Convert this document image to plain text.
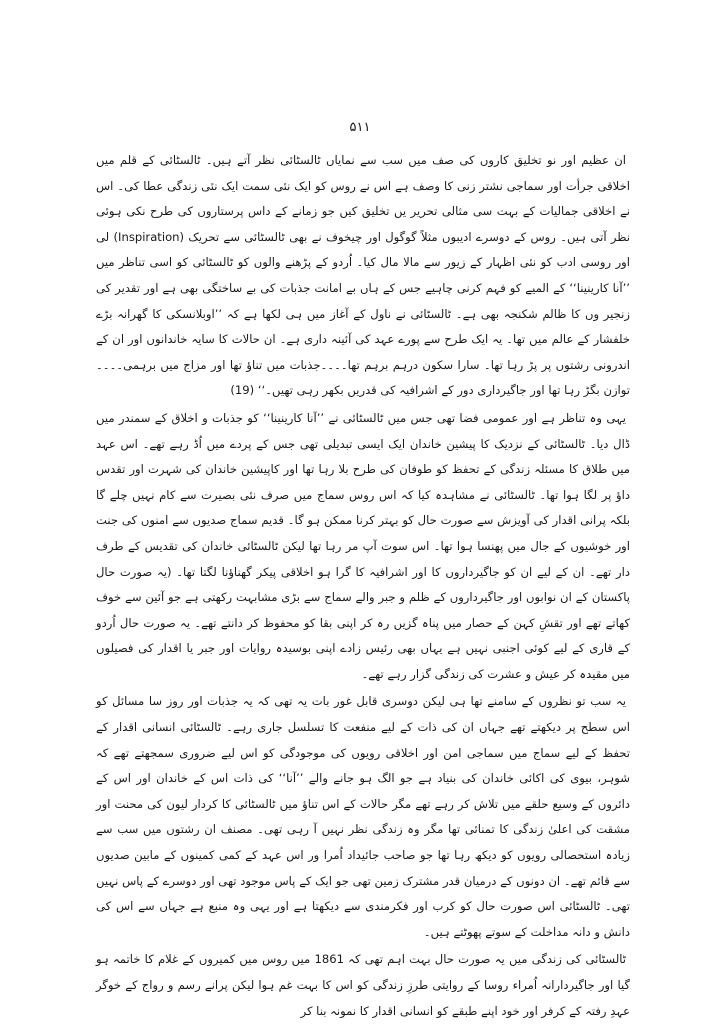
۵۱۱

ان عظیم اور نو تخلیق کاروں کی صف میں سب سے نمایاں ٹالسٹائی نظر آتے ہیں۔ ٹالسٹائی کے قلم میں اخلاقی جرأت اور سماجی نشتر زنی کا وصف ہے اس نے روس کو ایک نئی سمت ایک نئی زندگی عطا کی۔ اس نے اخلاقی جمالیات کے بہت سی مثالی تحریر یں تخلیق کیں جو زمانے کے داس پرستاروں کی طرح نکی ہوئی نظر آتی ہیں۔ روس کے دوسرے ادیبوں مثلاً گوگول اور چیخوف نے بھی ٹالسٹائی سے تحریک (Inspiration) لی اور روسی ادب کو نئی اظہار کے زیور سے مالا مال کیا۔ اُردو کے پڑھنے والوں کو ٹالسٹائی کو اسی تناظر میں ’’آنا کارینینا‘‘ کے المیے کو فہم کرنی چاہیے جس کے ہاں بے امانت جذبات کی بے ساختگی بھی ہے اور تقدیر کی زنجیر وں کا ظالم شکنجہ بھی ہے۔ ٹالسٹائی نے ناول کے آغاز میں ہی لکھا ہے کہ ’’اوبلانسکی کا گھرانہ بڑے خلفشار کے عالم میں تھا۔ یہ ایک طرح سے پورے عہد کی آئینہ داری ہے۔ ان حالات کا سایہ خاندانوں اور ان کے اندرونی رشتوں پر پڑ رہا تھا۔ سارا سکون درہم برہم تھا۔۔۔۔جذبات میں تناؤ تھا اور مزاج میں برہمی۔۔۔۔توازن بگڑ رہا تھا اور جاگیرداری دور کے اشرافیہ کی قدریں بکھر رہی تھیں۔‘‘ (19)

یہی وہ تناظر ہے اور عمومی فضا تھی جس میں ٹالسٹائی نے ’’آنا کارینینا‘‘ کو جذبات و اخلاق کے سمندر میں ڈال دیا۔ ٹالسٹائی کے نزدیک کا پیشین خاندان ایک ایسی تبدیلی تھی جس کے پردے میں اُڈ رہے تھے۔ اس عہد میں طلاق کا مسئلہ زندگی کے تحفظ کو طوفان کی طرح بلا رہا تھا اور کاپیشین خاندان کی شہرت اور تقدس داؤ پر لگا ہوا تھا۔ ٹالسٹائی نے مشاہدہ کیا کہ اس روس سماج میں صرف نئی بصیرت سے کام نہیں چلے گا بلکہ پرانی اقدار کی آویزش سے صورت حال کو بہتر کرنا ممکن ہو گا۔ قدیم سماج صدیوں سے امنوں کی جنت اور خوشیوں کے جال میں پھنسا ہوا تھا۔ اس سوت آپ مر رہا تھا لیکن ٹالسٹائی خاندان کی تقدیس کے طرف دار تھے۔ ان کے لیے ان کو جاگیرداروں کا اور اشرافیہ کا گرا ہو اخلاقی پیکر گھناؤنا لگتا تھا۔ (یہ صورت حال پاکستان کے ان نوابوں اور جاگیرداروں کے ظلم و جبر والے سماج سے بڑی مشابہت رکھتی ہے جو آئین سے خوف کھاتے تھے اور تقشِ کہن کے حصار میں پناہ گزیں رہ کر اپنی بقا کو محفوظ کر دانتے تھے۔ یہ صورت حال اُردو کے قاری کے لیے کوئی اجنبی نہیں ہے یہاں بھی رئیس زادے اپنی بوسیدہ روایات اور جبر یا اقدار کی فصیلوں میں مقیدہ کر عیش و عشرت کی زندگی گزار رہے تھے۔

یہ سب تو نظروں کے سامنے تھا ہی لیکن دوسری قابل غور بات یہ تھی کہ یہ جذبات اور روز سا مسائل کو اس سطح پر دیکھتے تھے جہاں ان کی ذات کے لیے منفعت کا تسلسل جاری رہے۔ ٹالسٹائی انسانی اقدار کے تحفظ کے لیے سماج میں سماجی امن اور اخلاقی رویوں کی موجودگی کو اس لیے ضروری سمجھتے تھے کہ شوہر، بیوی کی اکائی خاندان کی بنیاد ہے جو الگ ہو جانے والے ’’آنا‘‘ کی ذات اس کے خاندان اور اس کے دائروں کے وسیع حلقے میں تلاش کر رہے تھے مگر حالات کے اس تناؤ میں ٹالسٹائی کا کردار لیون کی محنت اور مشقت کی اعلیٰ زندگی کا تمنائی تھا مگر وہ زندگی نظر نہیں آ رہی تھی۔ مصنف ان رشتوں میں سب سے زیادہ استحصالی رویوں کو دیکھ رہا تھا جو صاحب جائیداد اُمرا ور اس عہد کے کمی کمینوں کے مابین صدیوں سے قائم تھے۔ ان دونوں کے درمیان قدر مشترک زمین تھی جو ایک کے پاس موجود تھی اور دوسرے کے پاس نہیں تھی۔ ٹالسٹائی اس صورت حال کو کرب اور فکرمندی سے دیکھتا ہے اور یہی وہ منبع ہے جہاں سے اس کی دانش و دانہ مداخلت کے سوتے پھوٹتے ہیں۔

ٹالسٹائی کی زندگی میں یہ صورت حال بہت اہم تھی کہ 1861 میں روس میں کمیروں کے غلام کا خاتمہ ہو گیا اور جاگیردارانہ اُمراء روسا کے روایتی طرزِ زندگی کو اس کا بہت غم ہوا لیکن پرانے رسم و رواج کے خوگر عہدِ رفتہ کے کرفر اور خود اپنے طبقے کو انسانی اقدار کا نمونہ بنا کر
